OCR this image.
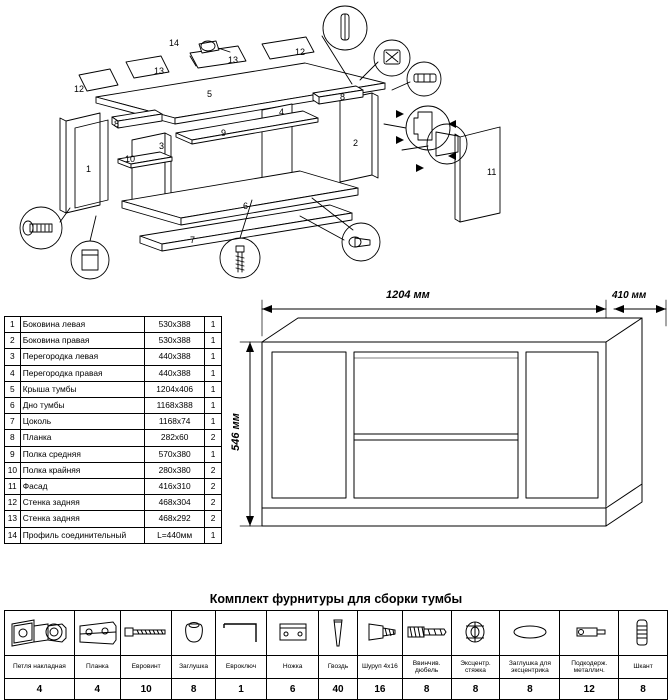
1
2
3
4
5
6
7
8
8
9
10
11
12
12
13
13
14
1	Боковина левая	530х388	1
2	Боковина правая	530х388	1
3	Перегородка левая	440х388	1
4	Перегородка правая	440х388	1
5	Крыша тумбы	1204х406	1
6	Дно тумбы	1168х388	1
7	Цоколь	1168х74	1
8	Планка	282х60	2
9	Полка средняя	570х380	1
10	Полка крайняя	280х380	2
11	Фасад	416х310	2
12	Стенка задняя	468х304	2
13	Стенка задняя	468х292	2
14	Профиль соединительный	L=440мм	1
1204 мм	410 мм
546 мм
Комплект фурнитуры для сборки тумбы

Петля накладная	Планка	Евровинт	Заглушка	Евроключ	Ножка	Гвоздь	Шуруп 4х16	Ввинчив. дюбель	Эксцентр. стяжка	Заглушка для эксцентрика	Подкодерж. металлич.	Шкант
4	4	10	8	1	6	40	16	8	8	8	12	8
